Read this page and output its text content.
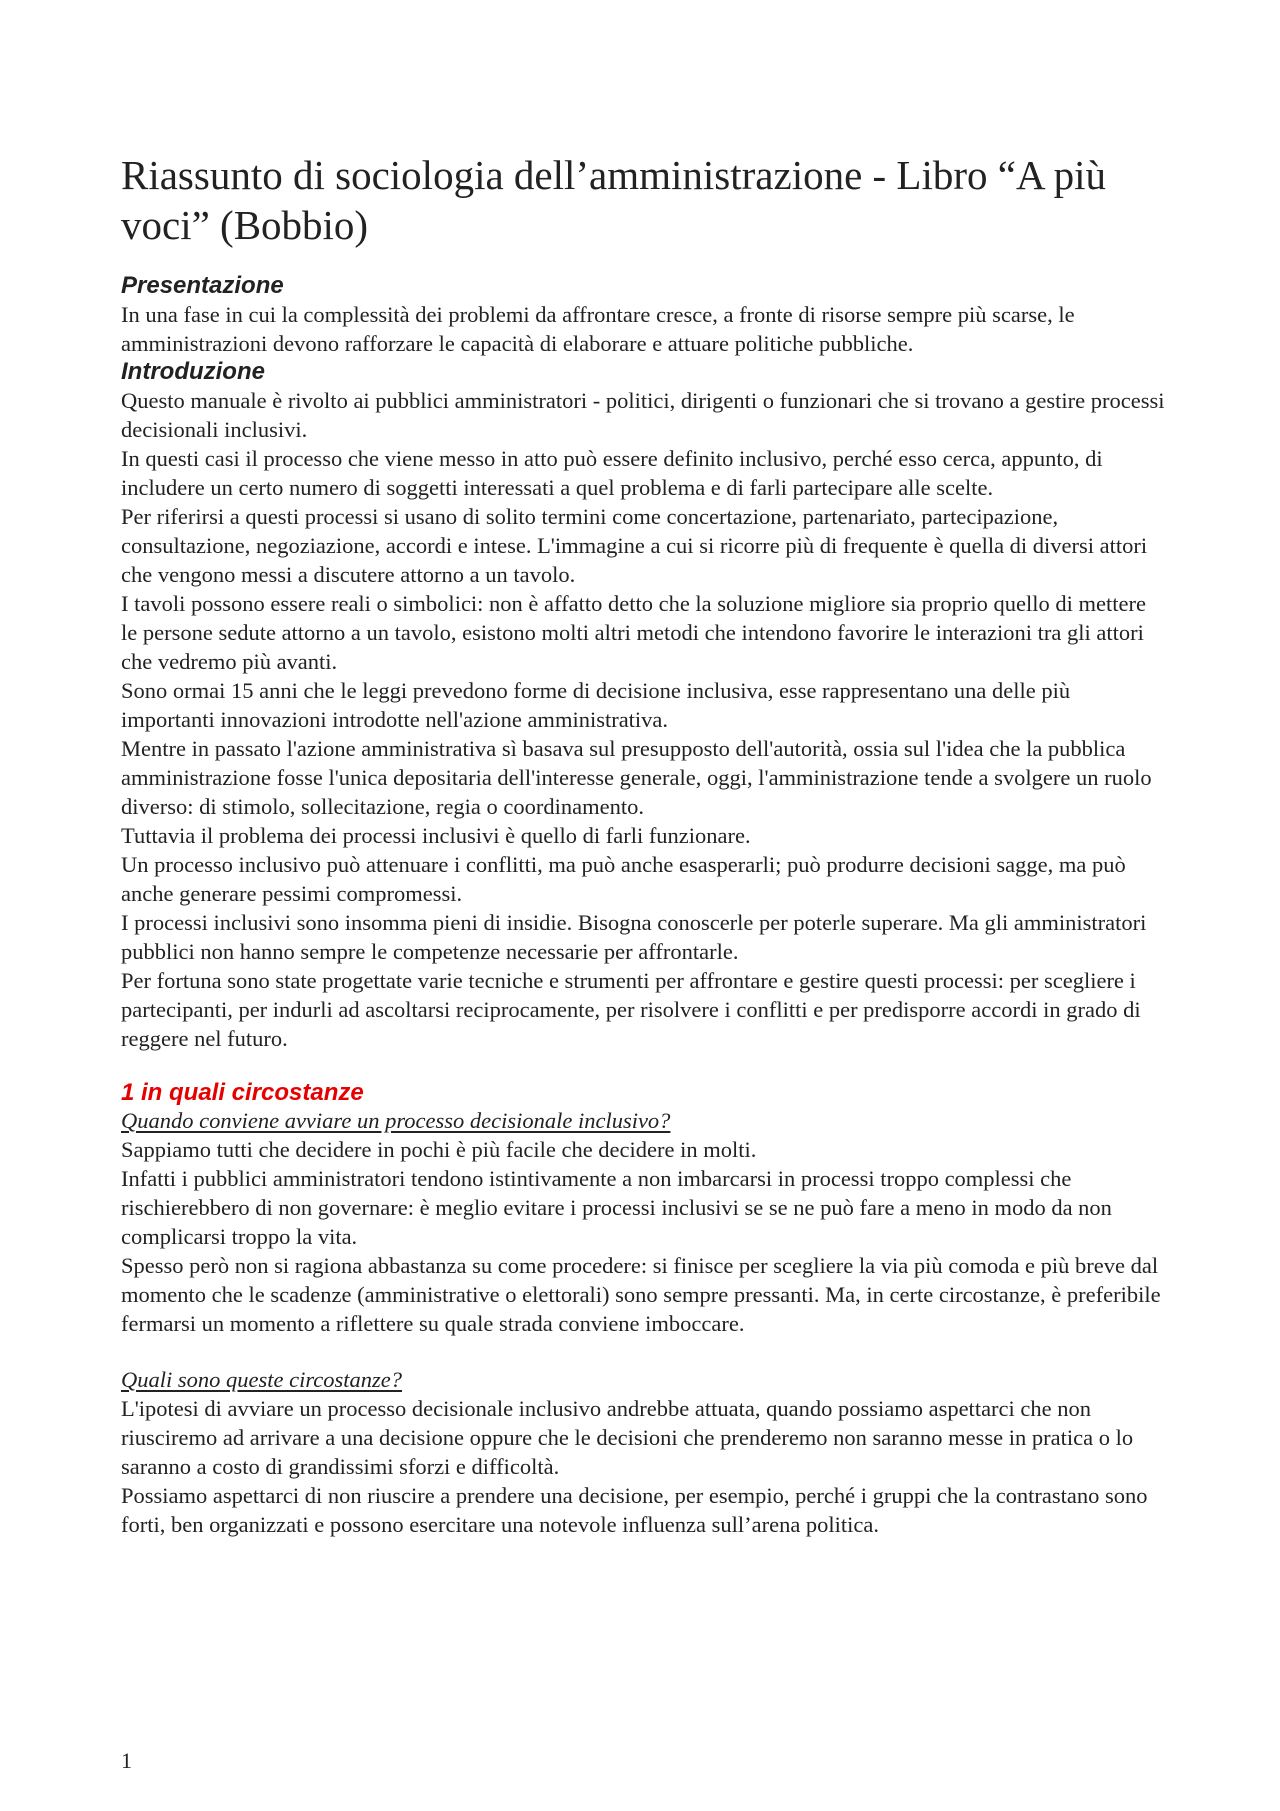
Riassunto di sociologia dell’amministrazione - Libro “A più voci” (Bobbio)
Presentazione

In una fase in cui la complessità dei problemi da affrontare cresce, a fronte di risorse sempre più scarse, le amministrazioni devono rafforzare le capacità di elaborare e attuare politiche pubbliche.

Introduzione

Questo manuale è rivolto ai pubblici amministratori - politici, dirigenti o funzionari che si trovano a gestire processi decisionali inclusivi.

In questi casi il processo che viene messo in atto può essere definito inclusivo, perché esso cerca, appunto, di includere un certo numero di soggetti interessati a quel problema e di farli partecipare alle scelte.

Per riferirsi a questi processi si usano di solito termini come concertazione, partenariato, partecipazione, consultazione, negoziazione, accordi e intese. L'immagine a cui si ricorre più di frequente è quella di diversi attori che vengono messi a discutere attorno a un tavolo.

I tavoli possono essere reali o simbolici: non è affatto detto che la soluzione migliore sia proprio quello di mettere le persone sedute attorno a un tavolo, esistono molti altri metodi che intendono favorire le interazioni tra gli attori che vedremo più avanti.

Sono ormai 15 anni che le leggi prevedono forme di decisione inclusiva, esse rappresentano una delle più importanti innovazioni introdotte nell'azione amministrativa.

Mentre in passato l'azione amministrativa sì basava sul presupposto dell'autorità, ossia sul l'idea che la pubblica amministrazione fosse l'unica depositaria dell'interesse generale, oggi, l'amministrazione tende a svolgere un ruolo diverso: di stimolo, sollecitazione, regia o coordinamento.

Tuttavia il problema dei processi inclusivi è quello di farli funzionare.

Un processo inclusivo può attenuare i conflitti, ma può anche esasperarli; può produrre decisioni sagge, ma può anche generare pessimi compromessi.

I processi inclusivi sono insomma pieni di insidie. Bisogna conoscerle per poterle superare. Ma gli amministratori pubblici non hanno sempre le competenze necessarie per affrontarle.

Per fortuna sono state progettate varie tecniche e strumenti per affrontare e gestire questi processi: per scegliere i partecipanti, per indurli ad ascoltarsi reciprocamente, per risolvere i conflitti e per predisporre accordi in grado di reggere nel futuro.

1 in quali circostanze

Quando conviene avviare un processo decisionale inclusivo?

Sappiamo tutti che decidere in pochi è più facile che decidere in molti.

Infatti i pubblici amministratori tendono istintivamente a non imbarcarsi in processi troppo complessi che rischierebbero di non governare: è meglio evitare i processi inclusivi se se ne può fare a meno in modo da non complicarsi troppo la vita.

Spesso però non si ragiona abbastanza su come procedere: si finisce per scegliere la via più comoda e più breve dal momento che le scadenze (amministrative o elettorali) sono sempre pressanti. Ma, in certe circostanze, è preferibile fermarsi un momento a riflettere su quale strada conviene imboccare.

Quali sono queste circostanze?

L'ipotesi di avviare un processo decisionale inclusivo andrebbe attuata, quando possiamo aspettarci che non riusciremo ad arrivare a una decisione oppure che le decisioni che prenderemo non saranno messe in pratica o lo saranno a costo di grandissimi sforzi e difficoltà.

Possiamo aspettarci di non riuscire a prendere una decisione, per esempio, perché i gruppi che la contrastano sono forti, ben organizzati e possono esercitare una notevole influenza sull’arena politica.

1
